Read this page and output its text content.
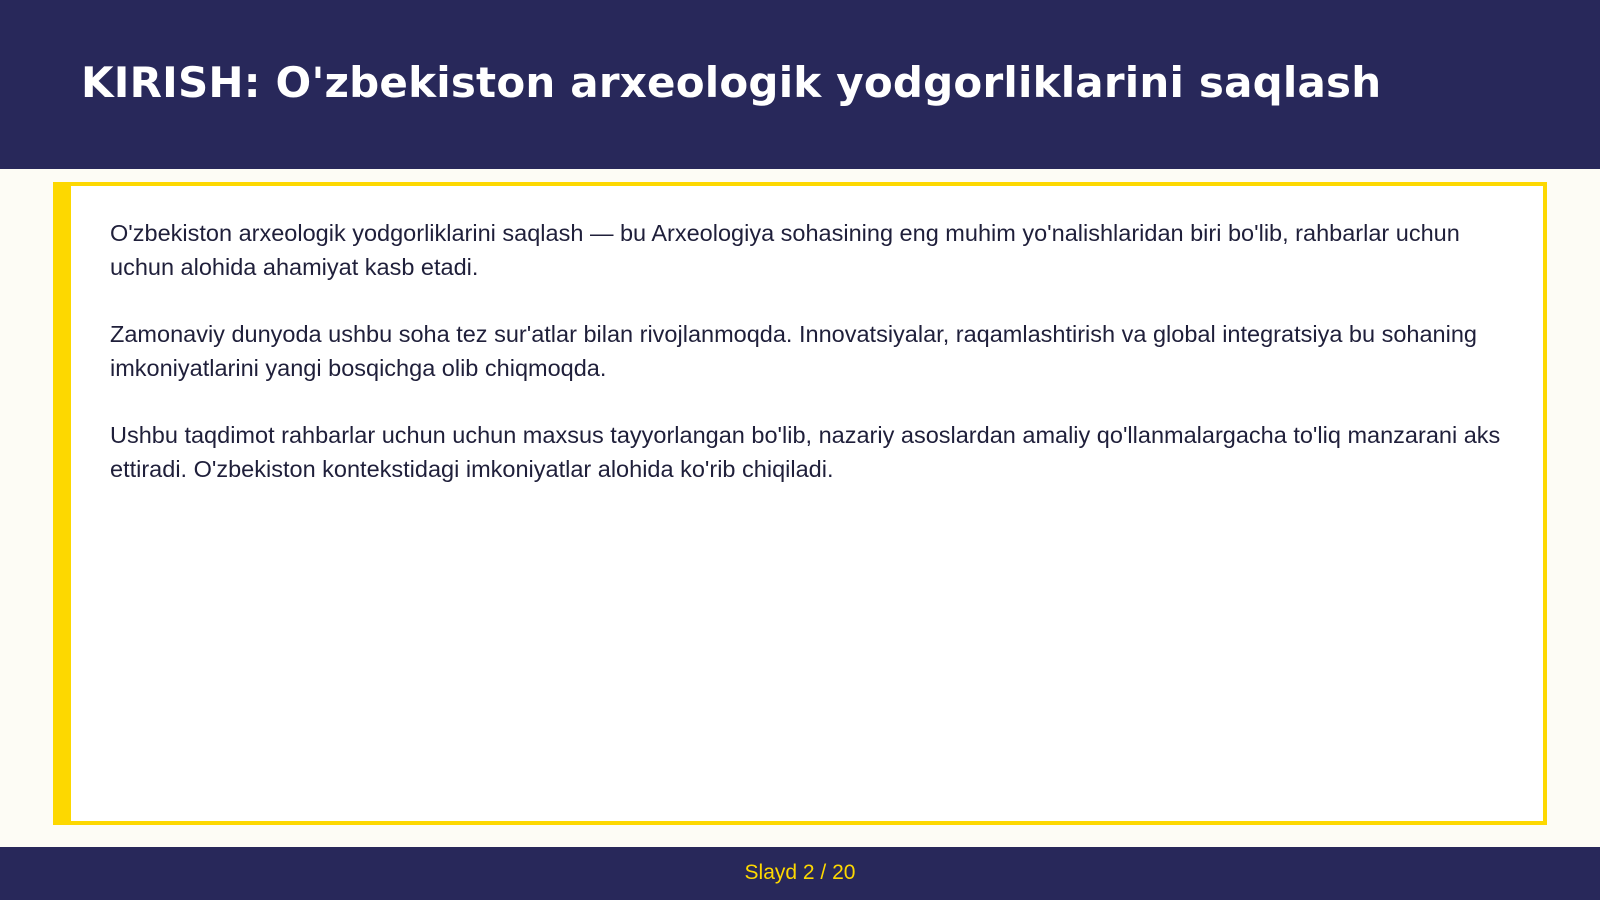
KIRISH: O'zbekiston arxeologik yodgorliklarini saqlash

O'zbekiston arxeologik yodgorliklarini saqlash — bu Arxeologiya sohasining eng muhim yo'nalishlaridan biri bo'lib, rahbarlar uchun uchun alohida ahamiyat kasb etadi.

Zamonaviy dunyoda ushbu soha tez sur'atlar bilan rivojlanmoqda. Innovatsiyalar, raqamlashtirish va global integratsiya bu sohaning imkoniyatlarini yangi bosqichga olib chiqmoqda.

Ushbu taqdimot rahbarlar uchun uchun maxsus tayyorlangan bo'lib, nazariy asoslardan amaliy qo'llanmalargacha to'liq manzarani aks ettiradi. O'zbekiston kontekstidagi imkoniyatlar alohida ko'rib chiqiladi.

Slayd 2 / 20
